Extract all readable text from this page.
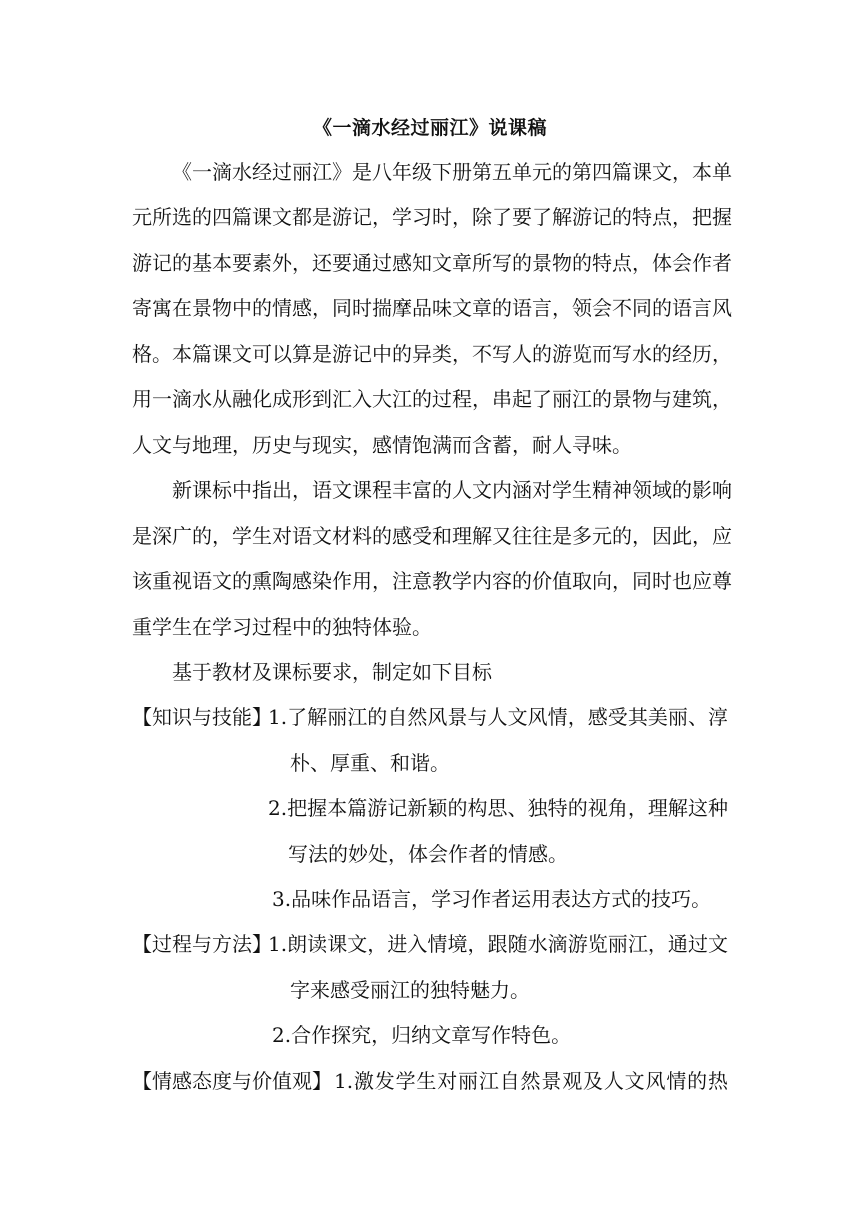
《一滴水经过丽江》说课稿
《一滴水经过丽江》是八年级下册第五单元的第四篇课文，本单
元所选的四篇课文都是游记，学习时，除了要了解游记的特点，把握
游记的基本要素外，还要通过感知文章所写的景物的特点，体会作者
寄寓在景物中的情感，同时揣摩品味文章的语言，领会不同的语言风
格。本篇课文可以算是游记中的异类，不写人的游览而写水的经历，
用一滴水从融化成形到汇入大江的过程，串起了丽江的景物与建筑，
人文与地理，历史与现实，感情饱满而含蓄，耐人寻味。
新课标中指出，语文课程丰富的人文内涵对学生精神领域的影响
是深广的，学生对语文材料的感受和理解又往往是多元的，因此，应
该重视语文的熏陶感染作用，注意教学内容的价值取向，同时也应尊
重学生在学习过程中的独特体验。
基于教材及课标要求，制定如下目标
【知识与技能】
1.了解丽江的自然风景与人文风情，感受其美丽、淳
朴、厚重、和谐。
2.把握本篇游记新颖的构思、独特的视角，理解这种
写法的妙处，体会作者的情感。
3.品味作品语言，学习作者运用表达方式的技巧。
【过程与方法】
1.朗读课文，进入情境，跟随水滴游览丽江，通过文
字来感受丽江的独特魅力。
2.合作探究，归纳文章写作特色。
【情感态度与价值观】 1.激发学生对丽江自然景观及人文风情的热
